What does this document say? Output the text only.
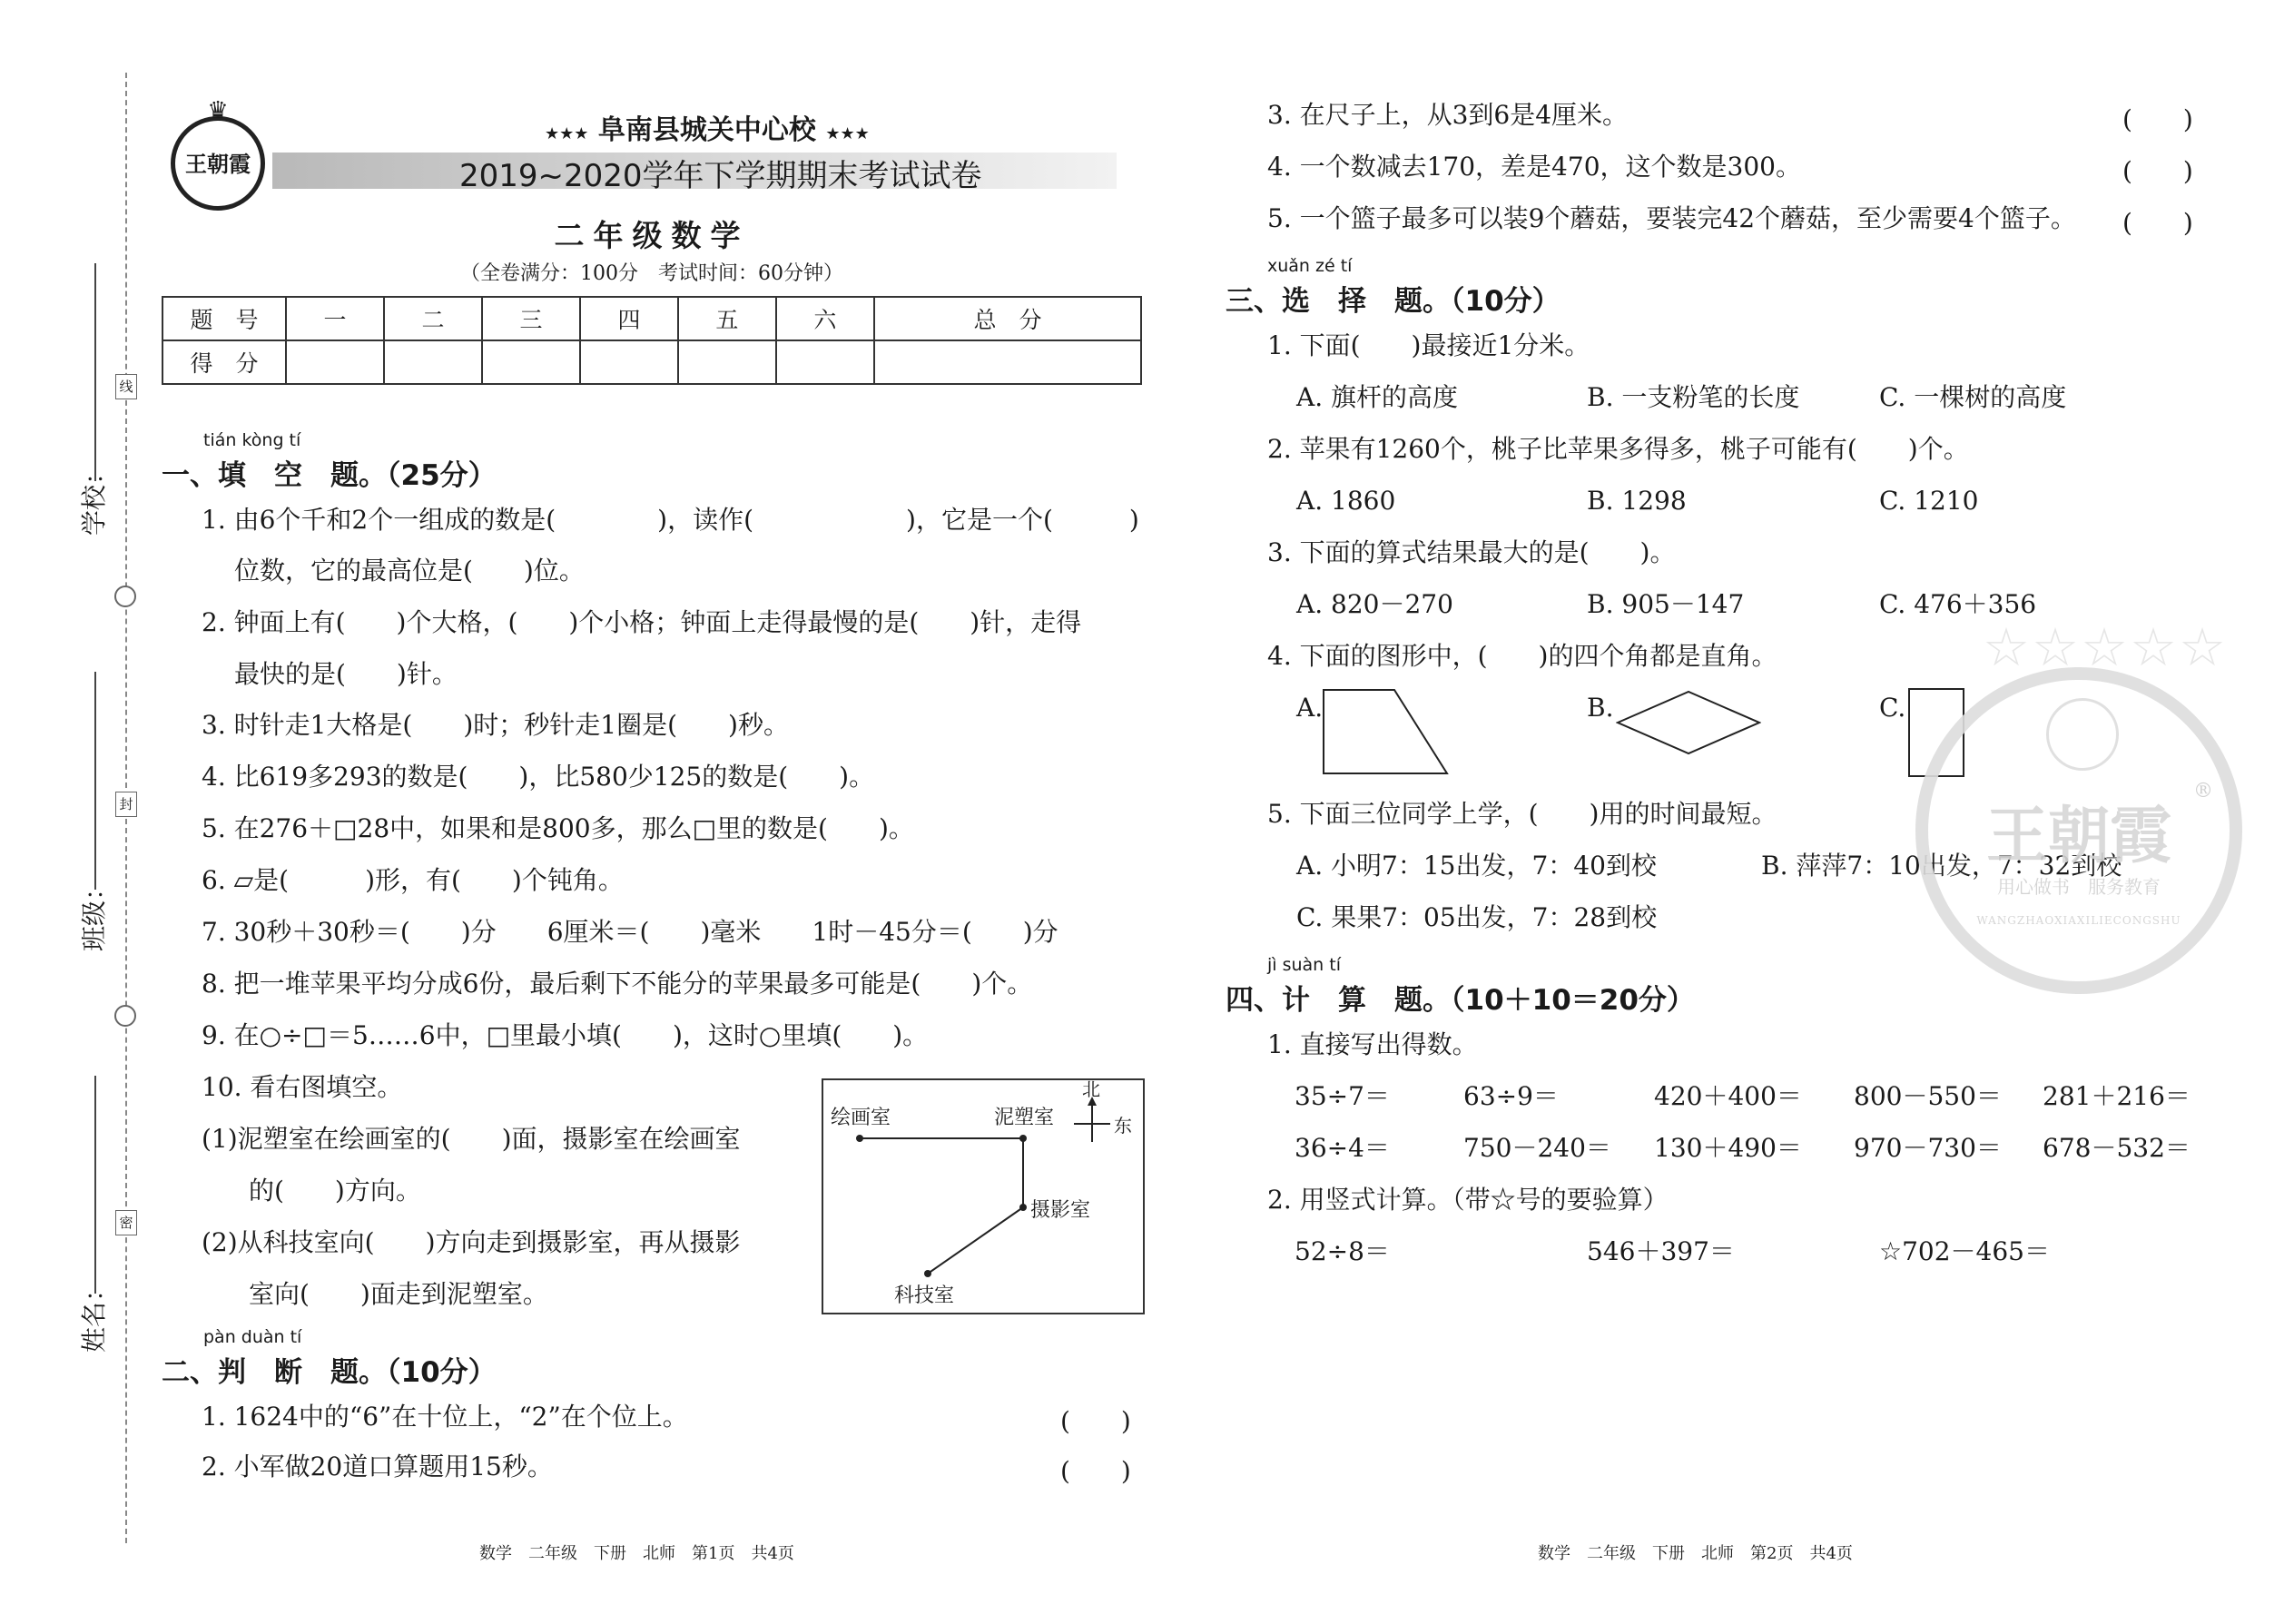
线
封
密
学校：
班级：
姓名：
王朝霞
♛
★★★ 阜南县城关中心校 ★★★
2019~2020学年下学期期末考试试卷
二年级数学
（全卷满分：100分　考试时间：60分钟）
题　号	一	二	三	四	五	六	总　分
得　分							
tián kòng tí
一、填　空　题。（25分）
1. 由6个千和2个一组成的数是(　　　　)，读作(　　　　　　)，它是一个(　　　)
位数，它的最高位是(　　)位。
2. 钟面上有(　　)个大格，(　　)个小格；钟面上走得最慢的是(　　)针，走得
最快的是(　　)针。
3. 时针走1大格是(　　)时；秒针走1圈是(　　)秒。
4. 比619多293的数是(　　)，比580少125的数是(　　)。
5. 在276＋□28中，如果和是800多，那么□里的数是(　　)。
6. ▱是(　　　)形，有(　　)个钝角。
7. 30秒＋30秒＝(　　)分　　6厘米＝(　　)毫米　　1时－45分＝(　　)分
8. 把一堆苹果平均分成6份，最后剩下不能分的苹果最多可能是(　　)个。
9. 在○÷□＝5……6中，□里最小填(　　)，这时○里填(　　)。
10. 看右图填空。
(1)泥塑室在绘画室的(　　)面，摄影室在绘画室
的(　　)方向。
(2)从科技室向(　　)方向走到摄影室，再从摄影
室向(　　)面走到泥塑室。
绘画室	泥塑室
摄影室
科技室
北
东
pàn duàn tí
二、判　断　题。（10分）
1. 1624中的“6”在十位上，“2”在个位上。	(　　)
2. 小军做20道口算题用15秒。	(　　)
数学　二年级　下册　北师　第1页　共4页
3. 在尺子上，从3到6是4厘米。	(　　)
4. 一个数减去170，差是470，这个数是300。	(　　)
5. 一个篮子最多可以装9个蘑菇，要装完42个蘑菇，至少需要4个篮子。 (　　)
xuǎn zé tí
三、选　择　题。（10分）
1. 下面(　　)最接近1分米。
A. 旗杆的高度	B. 一支粉笔的长度	C. 一棵树的高度
2. 苹果有1260个，桃子比苹果多得多，桃子可能有(　　)个。
A. 1860	B. 1298	C. 1210
3. 下面的算式结果最大的是(　　)。
A. 820－270	B. 905－147	C. 476＋356
4. 下面的图形中，(　　)的四个角都是直角。
A.	B.	C.
5. 下面三位同学上学，(　　)用的时间最短。
A. 小明7：15出发，7：40到校	B. 萍萍7：10出发，7：32到校
C. 果果7：05出发，7：28到校
jì suàn tí
四、计　算　题。（10＋10＝20分）
1. 直接写出得数。
35÷7＝	63÷9＝	420＋400＝ 800－550＝ 281＋216＝
36÷4＝	750－240＝ 130＋490＝ 970－730＝ 678－532＝
2. 用竖式计算。（带☆号的要验算）
52÷8＝	546＋397＝	☆702－465＝
☆☆☆☆☆
王朝霞
®
用心做书　服务教育
WANGZHAOXIAXILIECONGSHU
数学　二年级　下册　北师　第2页　共4页
